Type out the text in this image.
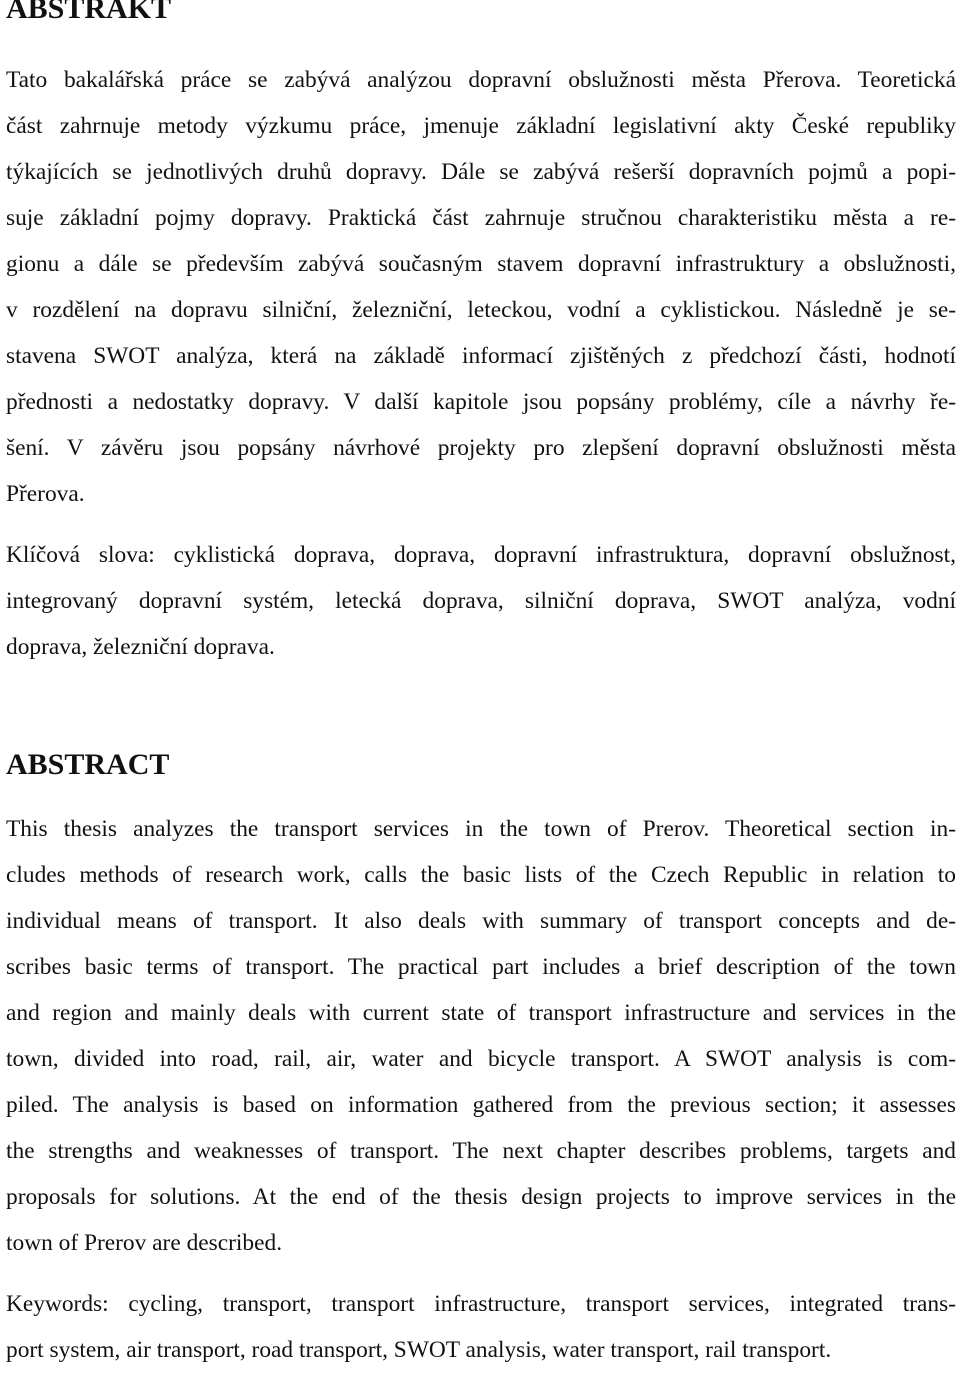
ABSTRAKT

Tato bakalářská práce se zabývá analýzou dopravní obslužnosti města Přerova. Teoretická
část zahrnuje metody výzkumu práce, jmenuje základní legislativní akty České republiky
týkajících se jednotlivých druhů dopravy. Dále se zabývá rešerší dopravních pojmů a popi-
suje základní pojmy dopravy. Praktická část zahrnuje stručnou charakteristiku města a re-
gionu a dále se především zabývá současným stavem dopravní infrastruktury a obslužnosti,
v rozdělení na dopravu silniční, železniční, leteckou, vodní a cyklistickou. Následně je se-
stavena SWOT analýza, která na základě informací zjištěných z předchozí části, hodnotí
přednosti a nedostatky dopravy. V další kapitole jsou popsány problémy, cíle a návrhy ře-
šení. V závěru jsou popsány návrhové projekty pro zlepšení dopravní obslužnosti města
Přerova.

Klíčová slova: cyklistická doprava, doprava, dopravní infrastruktura, dopravní obslužnost,
integrovaný dopravní systém, letecká doprava, silniční doprava, SWOT analýza, vodní
doprava, železniční doprava.

ABSTRACT

This thesis analyzes the transport services in the town of Prerov. Theoretical section in-
cludes methods of research work, calls the basic lists of the Czech Republic in relation to
individual means of transport. It also deals with summary of transport concepts and de-
scribes basic terms of transport. The practical part includes a brief description of the town
and region and mainly deals with current state of transport infrastructure and services in the
town, divided into road, rail, air, water and bicycle transport. A SWOT analysis is com-
piled. The analysis is based on information gathered from the previous section; it assesses
the strengths and weaknesses of transport. The next chapter describes problems, targets and
proposals for solutions. At the end of the thesis design projects to improve services in the
town of Prerov are described.

Keywords: cycling, transport, transport infrastructure, transport services, integrated trans-
port system, air transport, road transport, SWOT analysis, water transport, rail transport.
